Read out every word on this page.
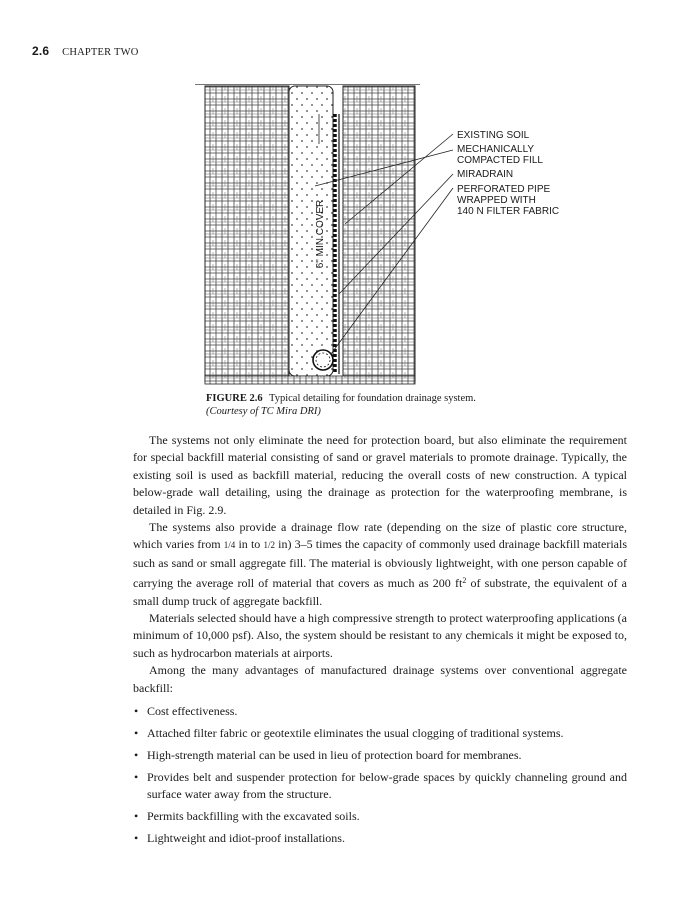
2.6 CHAPTER TWO
6" MIN COVER
EXISTING SOIL
MECHANICALLY
COMPACTED FILL
MIRADRAIN
PERFORATED PIPE
WRAPPED WITH
140 N FILTER FABRIC
FIGURE 2.6 Typical detailing for foundation drainage system.
(Courtesy of TC Mira DRI)

The systems not only eliminate the need for protection board, but also eliminate the requirement for special backfill material consisting of sand or gravel materials to promote drainage. Typically, the existing soil is used as backfill material, reducing the overall costs of new construction. A typical below-grade wall detailing, using the drainage as protection for the waterproofing membrane, is detailed in Fig. 2.9.

The systems also provide a drainage flow rate (depending on the size of plastic core structure, which varies from 1/4 in to 1/2 in) 3–5 times the capacity of commonly used drainage backfill materials such as sand or small aggregate fill. The material is obviously lightweight, with one person capable of carrying the average roll of material that covers as much as 200 $ft^2$ of substrate, the equivalent of a small dump truck of aggregate backfill.

Materials selected should have a high compressive strength to protect waterproofing applications (a minimum of 10,000 psf). Also, the system should be resistant to any chemicals it might be exposed to, such as hydrocarbon materials at airports.

Among the many advantages of manufactured drainage systems over conventional aggregate backfill:

• Cost effectiveness.
• Attached filter fabric or geotextile eliminates the usual clogging of traditional systems.
• High-strength material can be used in lieu of protection board for membranes.
• Provides belt and suspender protection for below-grade spaces by quickly channeling ground and surface water away from the structure.
• Permits backfilling with the excavated soils.
• Lightweight and idiot-proof installations.
